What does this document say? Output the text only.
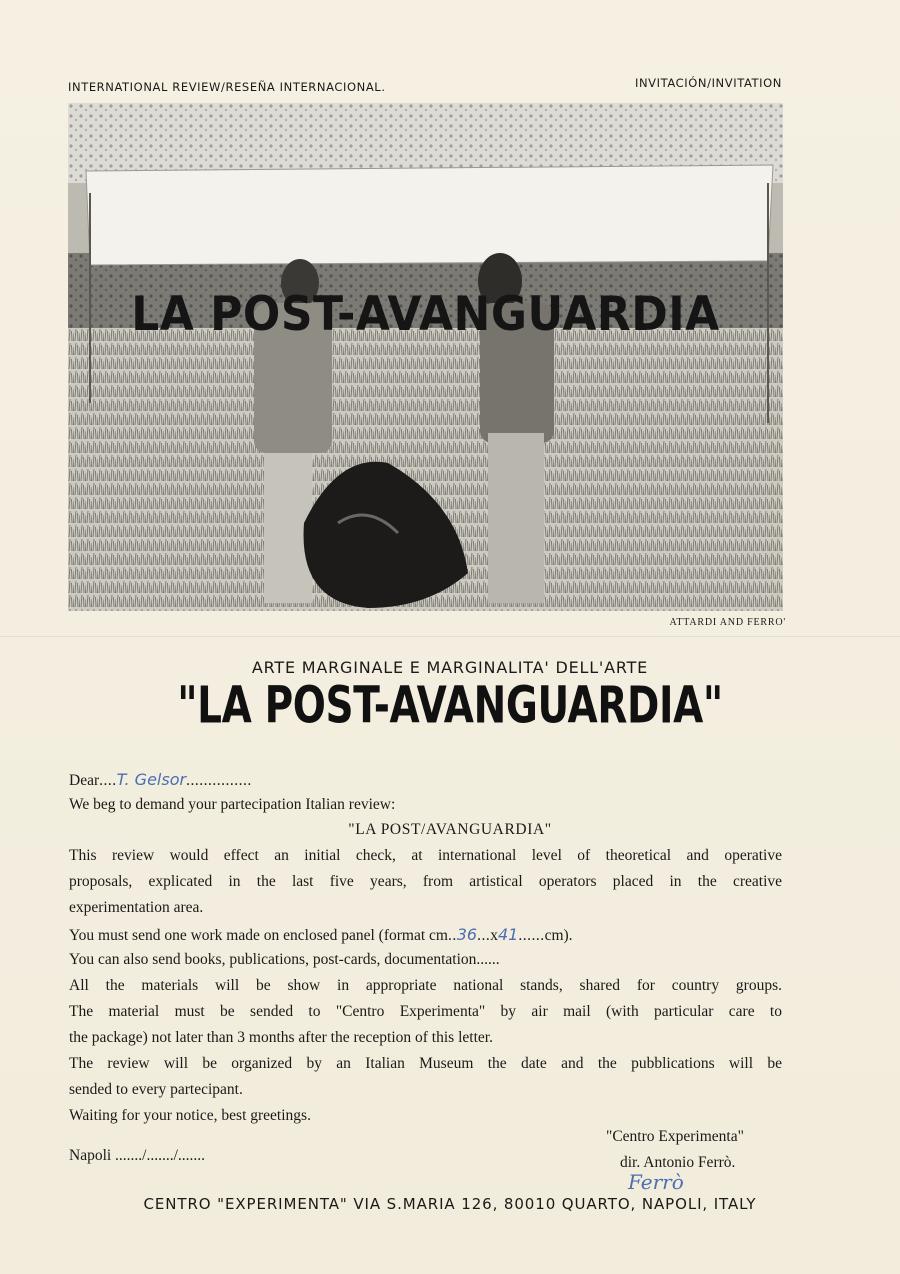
INTERNATIONAL REVIEW/RESEÑA INTERNACIONAL.	INVITACIÓN/INVITATION
LA POST-AVANGUARDIA
ATTARDI AND FERRO'
ARTE MARGINALE E MARGINALITA' DELL'ARTE
"LA POST-AVANGUARDIA"
Dear....T. Gelsor...............
We beg to demand your partecipation Italian review:
"LA POST/AVANGUARDIA"
This review would effect an initial check, at international level of theoretical and operative
proposals, explicated in the last five years, from artistical operators placed in the creative
experimentation area.
You must send one work made on enclosed panel (format cm..36...x41......cm).
You can also send books, publications, post-cards, documentation......
All the materials will be show in appropriate national stands, shared for country groups.
The material must be sended to "Centro Experimenta" by air mail (with particular care to
the package) not later than 3 months after the reception of this letter.
The review will be organized by an Italian Museum the date and the pubblications will be
sended to every partecipant.
Waiting for your notice, best greetings.
Napoli ......./......./.......
"Centro Experimenta"
dir. Antonio Ferrò.
Ferrò
CENTRO "EXPERIMENTA" VIA S.MARIA 126, 80010 QUARTO, NAPOLI, ITALY
